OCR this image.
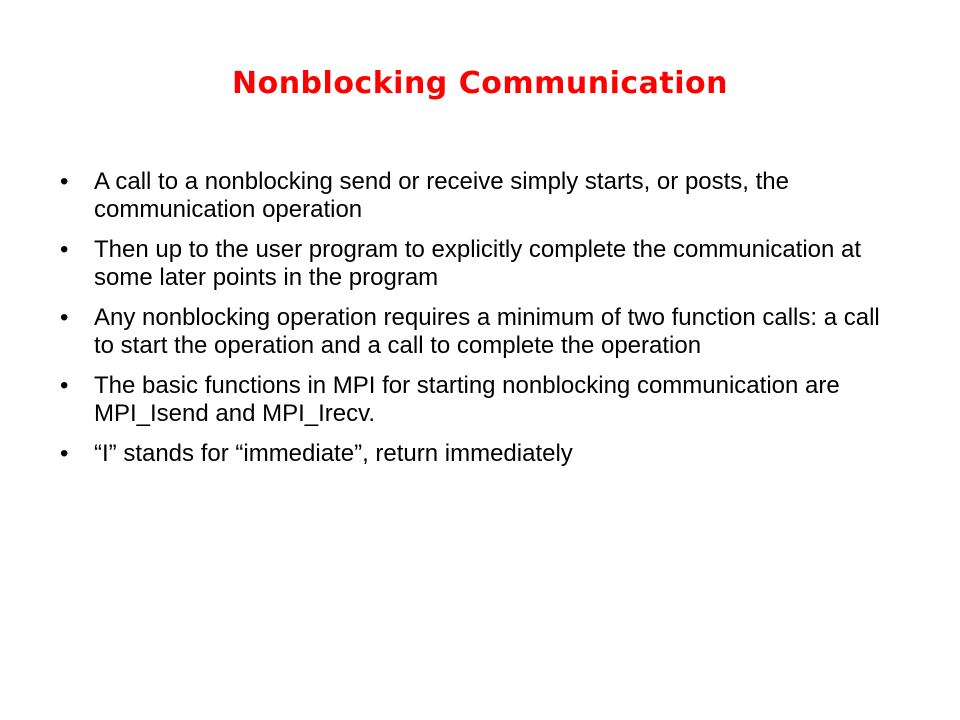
Nonblocking Communication
•	A call to a nonblocking send or receive simply starts, or posts, the communication operation
•	Then up to the user program to explicitly complete the communication at some later points in the program
•	Any nonblocking operation requires a minimum of two function calls: a call to start the operation and a call to complete the operation
•	The basic functions in MPI for starting nonblocking communication are MPI_Isend and MPI_Irecv.
•	“I” stands for “immediate”, return immediately
